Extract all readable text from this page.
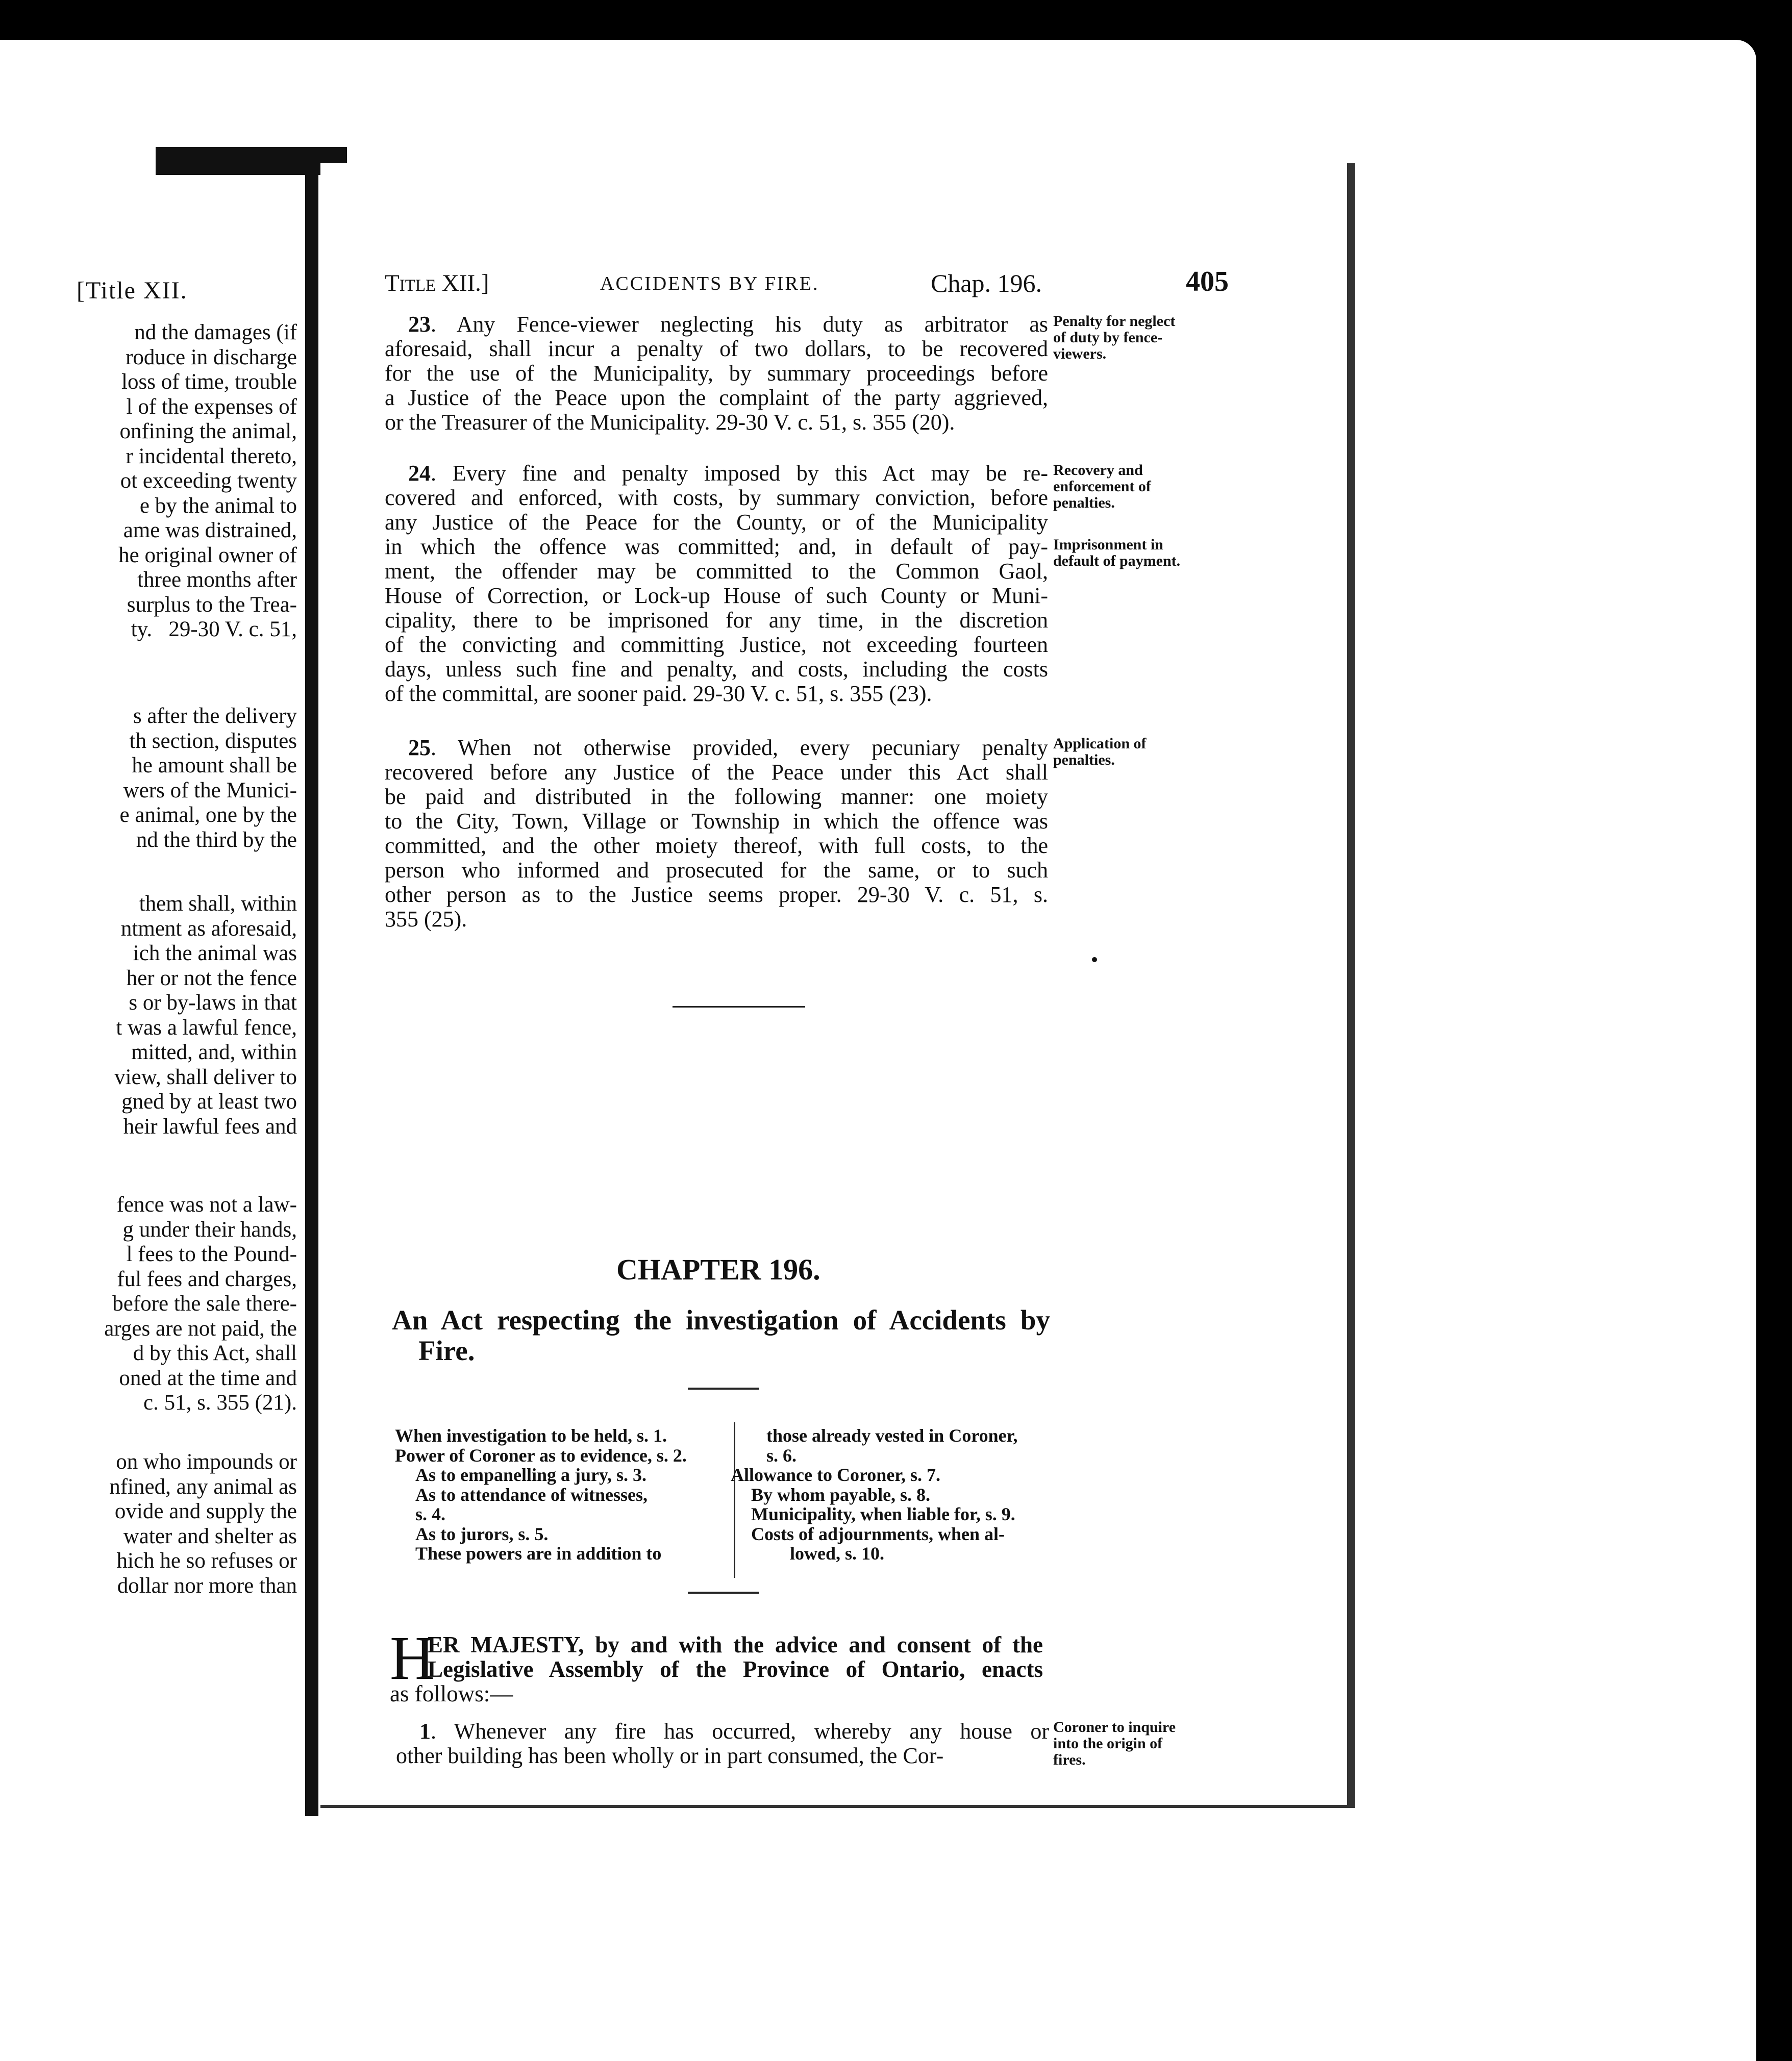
[Title XII.
nd the damages (if
roduce in discharge
loss of time, trouble
l of the expenses of
onfining the animal,
r incidental thereto,
ot exceeding twenty
e by the animal to
ame was distrained,
he original owner of
three months after
surplus to the Trea-
ty.   29-30 V. c. 51,
s after the delivery
th section, disputes
he amount shall be
wers of the Munici-
e animal, one by the
nd the third by the
them shall, within
ntment as aforesaid,
ich the animal was
her or not the fence
s or by-laws in that
t was a lawful fence,
mitted, and, within
view, shall deliver to
gned by at least two
heir lawful fees and
fence was not a law-
g under their hands,
l fees to the Pound-
ful fees and charges,
before the sale there-
arges are not paid, the
d by this Act, shall
oned at the time and
c. 51, s. 355 (21).
on who impounds or
nfined, any animal as
ovide and supply the
water and shelter as
hich he so refuses or
dollar nor more than
Title XII.]	ACCIDENTS BY FIRE.	Chap. 196.	405
23. Any Fence-viewer neglecting his duty as arbitrator as
aforesaid, shall incur a penalty of two dollars, to be recovered
for the use of the Municipality, by summary proceedings before
a Justice of the Peace upon the complaint of the party aggrieved,
or the Treasurer of the Municipality. 29-30 V. c. 51, s. 355 (20).
Penalty for neglect of duty by fence-viewers.
24. Every fine and penalty imposed by this Act may be re-
covered and enforced, with costs, by summary conviction, before
any Justice of the Peace for the County, or of the Municipality
in which the offence was committed; and, in default of pay-
ment, the offender may be committed to the Common Gaol,
House of Correction, or Lock-up House of such County or Muni-
cipality, there to be imprisoned for any time, in the discretion
of the convicting and committing Justice, not exceeding fourteen
days, unless such fine and penalty, and costs, including the costs
of the committal, are sooner paid. 29-30 V. c. 51, s. 355 (23).
Recovery and enforcement of penalties.
Imprisonment in default of payment.
25. When not otherwise provided, every pecuniary penalty
recovered before any Justice of the Peace under this Act shall
be paid and distributed in the following manner: one moiety
to the City, Town, Village or Township in which the offence was
committed, and the other moiety thereof, with full costs, to the
person who informed and prosecuted for the same, or to such
other person as to the Justice seems proper. 29-30 V. c. 51, s.
355 (25).
Application of penalties.
CHAPTER 196.
An Act respecting the investigation of Accidents by
Fire.
When investigation to be held, s. 1.
Power of Coroner as to evidence, s. 2.
As to empanelling a jury, s. 3.
As to attendance of witnesses,
s. 4.
As to jurors, s. 5.
These powers are in addition to
those already vested in Coroner,
s. 6.
Allowance to Coroner, s. 7.
By whom payable, s. 8.
Municipality, when liable for, s. 9.
Costs of adjournments, when al-
lowed, s. 10.
H
ER MAJESTY, by and with the advice and consent of the
Legislative Assembly of the Province of Ontario, enacts
as follows:—
1. Whenever any fire has occurred, whereby any house or
other building has been wholly or in part consumed, the Cor-
Coroner to inquire into the origin of fires.
